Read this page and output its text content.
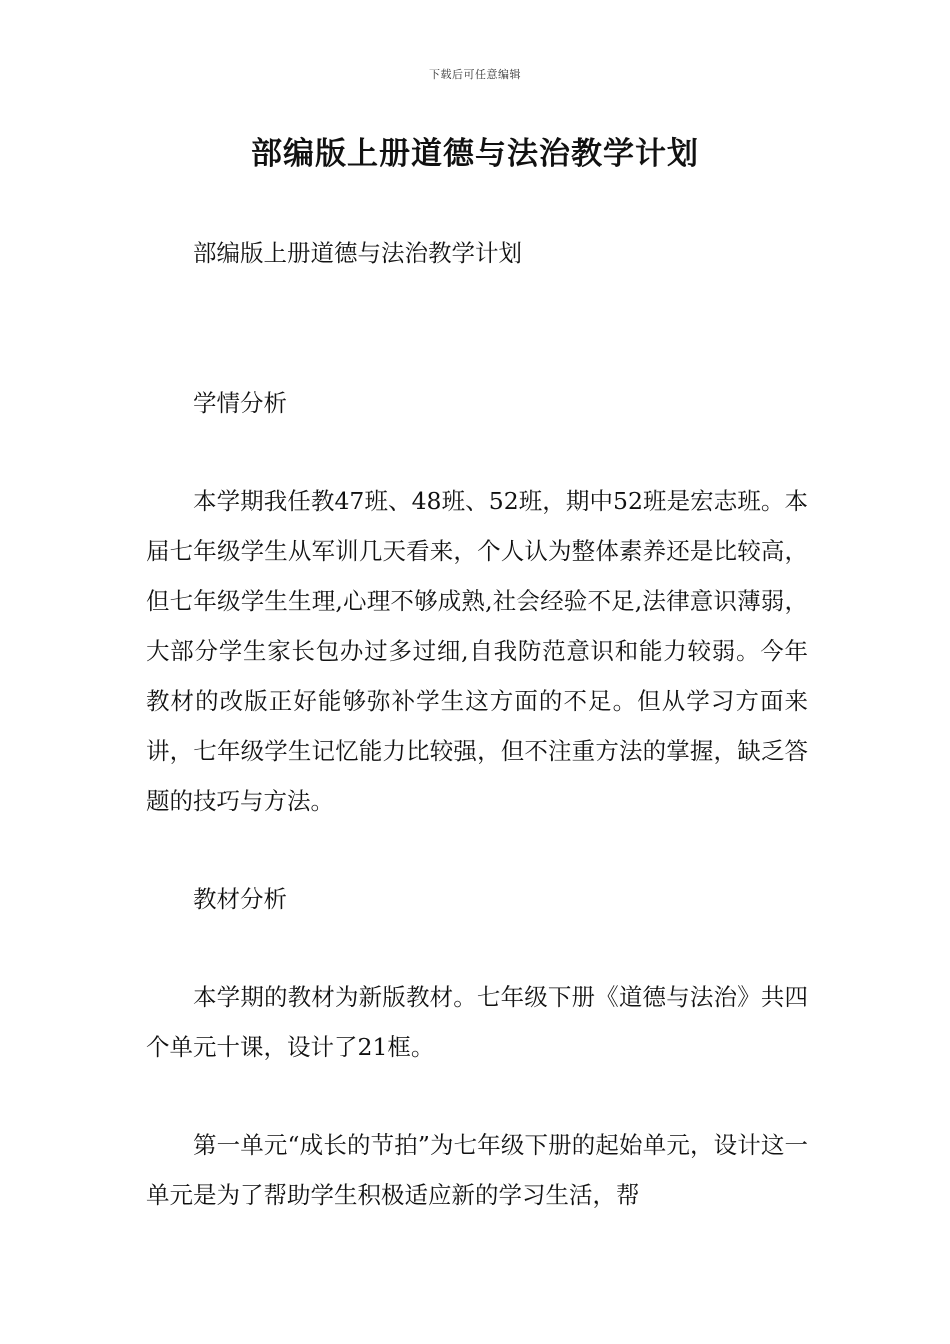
下载后可任意编辑
部编版上册道德与法治教学计划

部编版上册道德与法治教学计划

学情分析

本学期我任教47班、48班、52班，期中52班是宏志班。本届七年级学生从军训几天看来，个人认为整体素养还是比较高，但七年级学生生理,心理不够成熟,社会经验不足,法律意识薄弱，大部分学生家长包办过多过细,自我防范意识和能力较弱。今年教材的改版正好能够弥补学生这方面的不足。但从学习方面来讲，七年级学生记忆能力比较强，但不注重方法的掌握，缺乏答题的技巧与方法。

教材分析

本学期的教材为新版教材。七年级下册《道德与法治》共四个单元十课，设计了21框。

第一单元“成长的节拍”为七年级下册的起始单元，设计这一单元是为了帮助学生积极适应新的学习生活，帮
